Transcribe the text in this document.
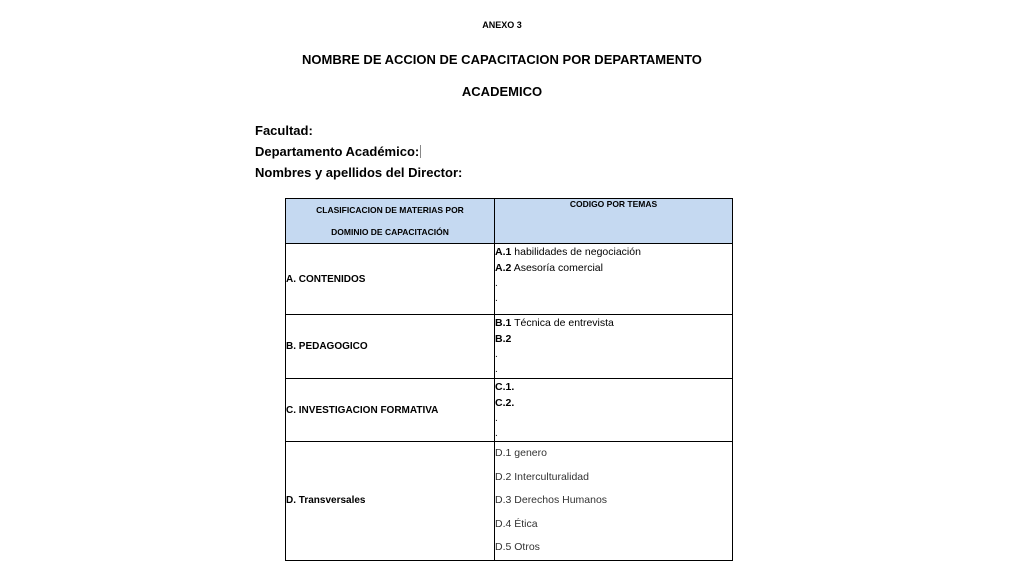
ANEXO 3
NOMBRE DE ACCION DE CAPACITACION POR DEPARTAMENTO
ACADEMICO
Facultad:
Departamento Académico:
Nombres y apellidos del Director:
CLASIFICACION DE MATERIAS POR
DOMINIO DE CAPACITACIÓN	CODIGO POR TEMAS
A. CONTENIDOS	A.1 habilidades de negociación
A.2 Asesoría comercial
.
.

B. PEDAGOGICO	B.1 Técnica de entrevista
B.2
.
.

C. INVESTIGACION FORMATIVA	C.1.
C.2.
.
.

D. Transversales	D.1 genero
D.2 Interculturalidad
D.3 Derechos Humanos
D.4 Ética
D.5 Otros
